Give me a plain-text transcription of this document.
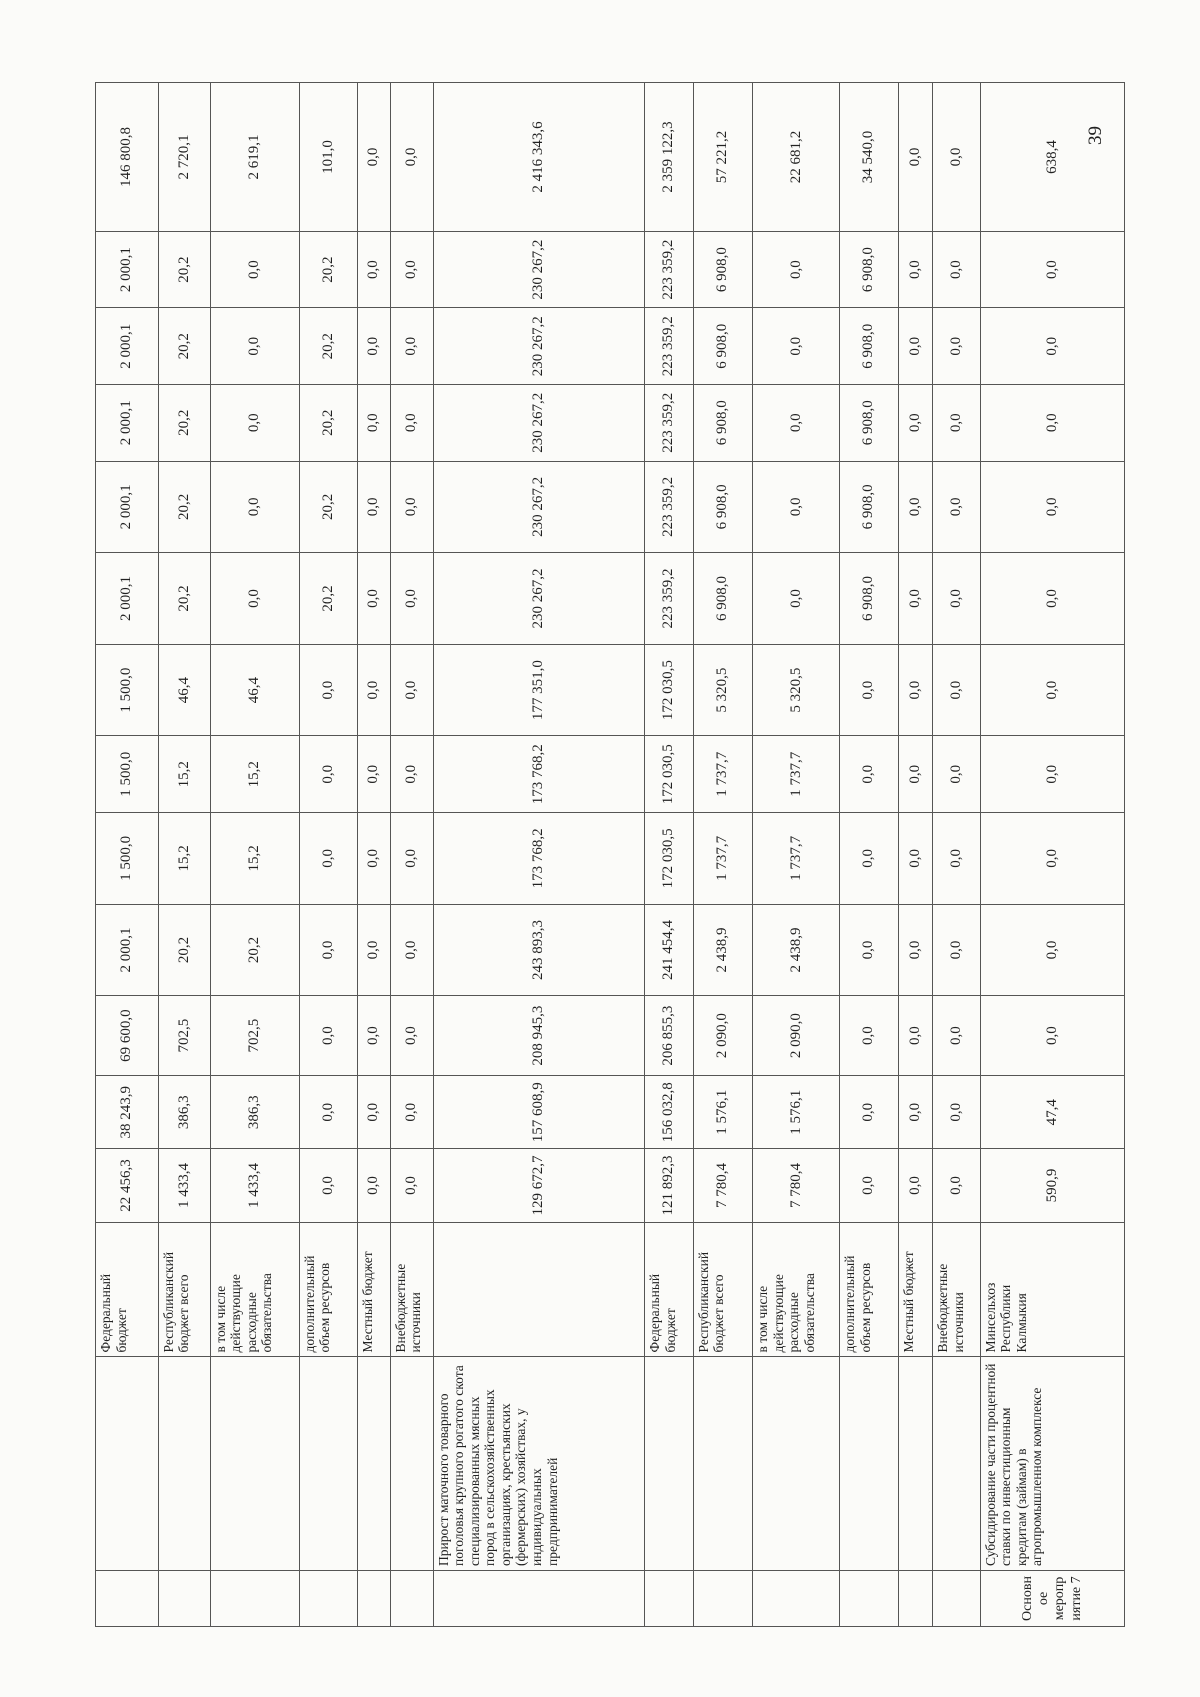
		Федеральный бюджет	22 456,3	38 243,9	69 600,0	2 000,1	1 500,0	1 500,0	1 500,0	2 000,1	2 000,1	2 000,1	2 000,1	2 000,1	146 800,8
		Республиканский бюджет всего	1 433,4	386,3	702,5	20,2	15,2	15,2	46,4	20,2	20,2	20,2	20,2	20,2	2 720,1
		в том числе действующие расходные обязательства	1 433,4	386,3	702,5	20,2	15,2	15,2	46,4	0,0	0,0	0,0	0,0	0,0	2 619,1
		дополнительный объем ресурсов	0,0	0,0	0,0	0,0	0,0	0,0	0,0	20,2	20,2	20,2	20,2	20,2	101,0
		Местный бюджет	0,0	0,0	0,0	0,0	0,0	0,0	0,0	0,0	0,0	0,0	0,0	0,0	0,0
		Внебюджетные источники	0,0	0,0	0,0	0,0	0,0	0,0	0,0	0,0	0,0	0,0	0,0	0,0	0,0
	Прирост маточного товарного поголовья крупного рогатого скота специализированных мясных пород в сельскохозяйственных организациях, крестьянских (фермерских) хозяйствах, у индивидуальных предпринимателей		129 672,7	157 608,9	208 945,3	243 893,3	173 768,2	173 768,2	177 351,0	230 267,2	230 267,2	230 267,2	230 267,2	230 267,2	2 416 343,6
		Федеральный бюджет	121 892,3	156 032,8	206 855,3	241 454,4	172 030,5	172 030,5	172 030,5	223 359,2	223 359,2	223 359,2	223 359,2	223 359,2	2 359 122,3
		Республиканский бюджет всего	7 780,4	1 576,1	2 090,0	2 438,9	1 737,7	1 737,7	5 320,5	6 908,0	6 908,0	6 908,0	6 908,0	6 908,0	57 221,2
		в том числе действующие расходные обязательства	7 780,4	1 576,1	2 090,0	2 438,9	1 737,7	1 737,7	5 320,5	0,0	0,0	0,0	0,0	0,0	22 681,2
		дополнительный объем ресурсов	0,0	0,0	0,0	0,0	0,0	0,0	0,0	6 908,0	6 908,0	6 908,0	6 908,0	6 908,0	34 540,0
		Местный бюджет	0,0	0,0	0,0	0,0	0,0	0,0	0,0	0,0	0,0	0,0	0,0	0,0	0,0
		Внебюджетные источники	0,0	0,0	0,0	0,0	0,0	0,0	0,0	0,0	0,0	0,0	0,0	0,0	0,0
Основное мероприятие 7	Субсидирование части процентной ставки по инвестиционным кредитам (займам) в агропромышленном комплексе	Минсельхоз Республики Калмыкия	590,9	47,4	0,0	0,0	0,0	0,0	0,0	0,0	0,0	0,0	0,0	0,0	638,4
39
